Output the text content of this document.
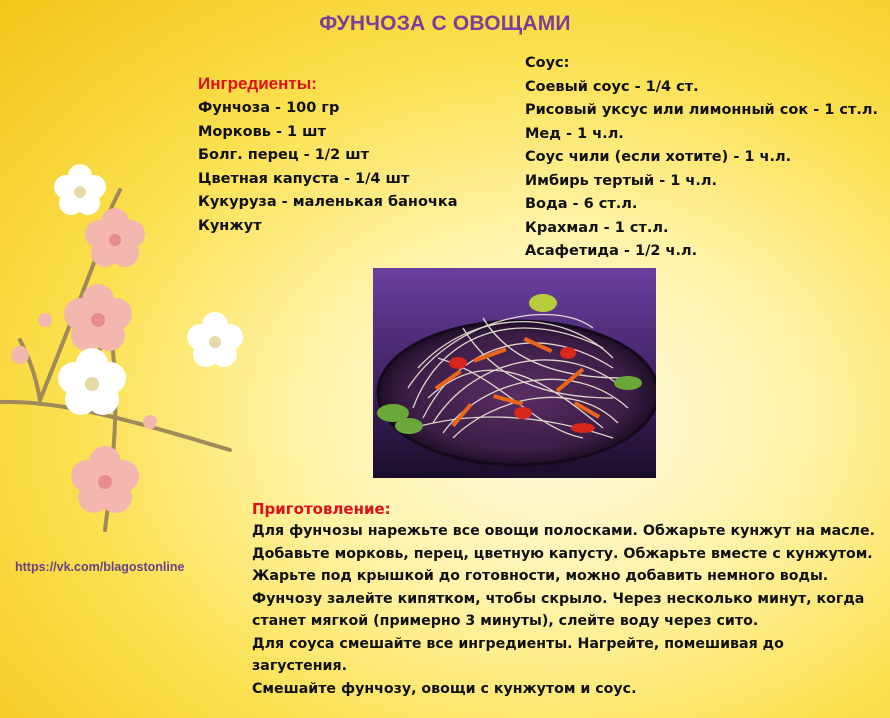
ФУНЧОЗА С ОВОЩАМИ
Ингредиенты:
Фунчоза - 100 гр
Морковь - 1 шт
Болг. перец - 1/2 шт
Цветная капуста - 1/4 шт
Кукуруза - маленькая баночка
Кунжут
Соус:
Соевый соус - 1/4 ст.
Рисовый уксус или лимонный сок - 1 ст.л.
Мед - 1 ч.л.
Соус чили (если хотите) - 1 ч.л.
Имбирь тертый - 1 ч.л.
Вода - 6 ст.л.
Крахмал - 1 ст.л.
Асафетида - 1/2 ч.л.
https://vk.com/blagostonline
Приготовление:
Для фунчозы нарежьте все овощи полосками. Обжарьте кунжут на масле.
Добавьте морковь, перец, цветную капусту. Обжарьте вместе с кунжутом.
Жарьте под крышкой до готовности, можно добавить немного воды.
Фунчозу залейте кипятком, чтобы скрыло. Через несколько минут, когда
станет мягкой (примерно 3 минуты), слейте воду через сито.
Для соуса смешайте все ингредиенты. Нагрейте, помешивая до
загустения.
Смешайте фунчозу, овощи с кунжутом и соус.
